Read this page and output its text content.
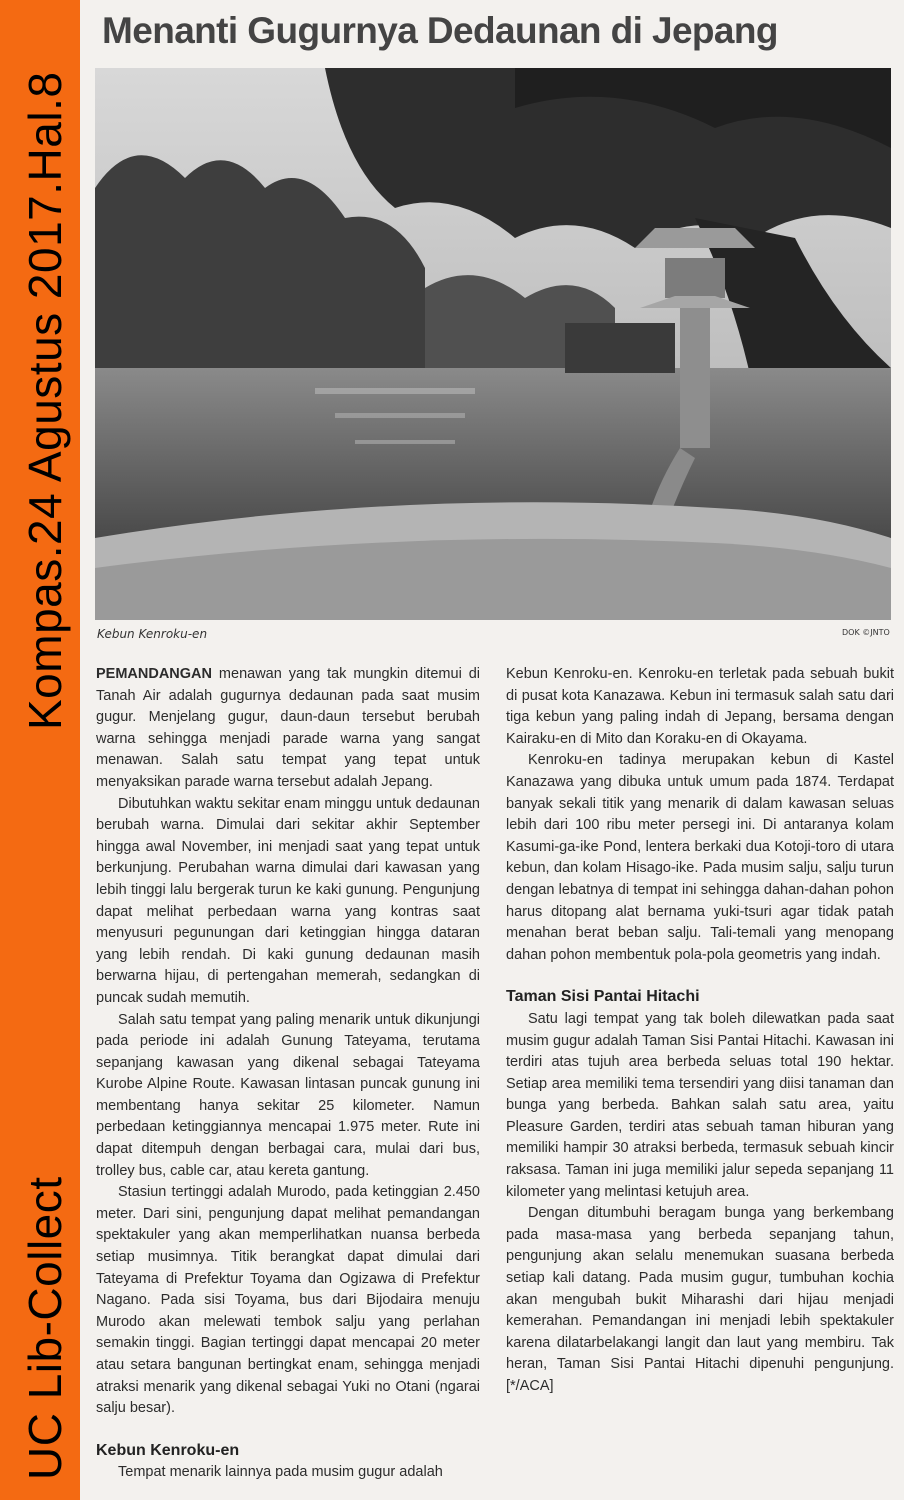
Kompas.24 Agustus 2017.Hal.8
UC Lib-Collect
Menanti Gugurnya Dedaunan di Jepang
Kebun Kenroku-en	DOK ©JNTO

PEMANDANGAN menawan yang tak mungkin ditemui di Tanah Air adalah gugurnya dedaunan pada saat musim gugur. Menjelang gugur, daun-daun tersebut berubah warna sehingga menjadi parade warna yang sangat menawan. Salah satu tempat yang tepat untuk menyaksikan parade warna tersebut adalah Jepang.

Dibutuhkan waktu sekitar enam minggu untuk dedaunan berubah warna. Dimulai dari sekitar akhir September hingga awal November, ini menjadi saat yang tepat untuk berkunjung. Perubahan warna dimulai dari kawasan yang lebih tinggi lalu bergerak turun ke kaki gunung. Pengunjung dapat melihat perbedaan warna yang kontras saat menyusuri pegunungan dari ketinggian hingga dataran yang lebih rendah. Di kaki gunung dedaunan masih berwarna hijau, di pertengahan memerah, sedangkan di puncak sudah memutih.

Salah satu tempat yang paling menarik untuk dikunjungi pada periode ini adalah Gunung Tateyama, terutama sepanjang kawasan yang dikenal sebagai Tateyama Kurobe Alpine Route. Kawasan lintasan puncak gunung ini membentang hanya sekitar 25 kilometer. Namun perbedaan ketinggiannya mencapai 1.975 meter. Rute ini dapat ditempuh dengan berbagai cara, mulai dari bus, trolley bus, cable car, atau kereta gantung.

Stasiun tertinggi adalah Murodo, pada ketinggian 2.450 meter. Dari sini, pengunjung dapat melihat pemandangan spektakuler yang akan memperlihatkan nuansa berbeda setiap musimnya. Titik berangkat dapat dimulai dari Tateyama di Prefektur Toyama dan Ogizawa di Prefektur Nagano. Pada sisi Toyama, bus dari Bijodaira menuju Murodo akan melewati tembok salju yang perlahan semakin tinggi. Bagian tertinggi dapat mencapai 20 meter atau setara bangunan bertingkat enam, sehingga menjadi atraksi menarik yang dikenal sebagai Yuki no Otani (ngarai salju besar).

Kebun Kenroku-en

Tempat menarik lainnya pada musim gugur adalah

Kebun Kenroku-en. Kenroku-en terletak pada sebuah bukit di pusat kota Kanazawa. Kebun ini termasuk salah satu dari tiga kebun yang paling indah di Jepang, bersama dengan Kairaku-en di Mito dan Koraku-en di Okayama.

Kenroku-en tadinya merupakan kebun di Kastel Kanazawa yang dibuka untuk umum pada 1874. Terdapat banyak sekali titik yang menarik di dalam kawasan seluas lebih dari 100 ribu meter persegi ini. Di antaranya kolam Kasumi-ga-ike Pond, lentera berkaki dua Kotoji-toro di utara kebun, dan kolam Hisago-ike. Pada musim salju, salju turun dengan lebatnya di tempat ini sehingga dahan-dahan pohon harus ditopang alat bernama yuki-tsuri agar tidak patah menahan berat beban salju. Tali-temali yang menopang dahan pohon membentuk pola-pola geometris yang indah.

Taman Sisi Pantai Hitachi

Satu lagi tempat yang tak boleh dilewatkan pada saat musim gugur adalah Taman Sisi Pantai Hitachi. Kawasan ini terdiri atas tujuh area berbeda seluas total 190 hektar. Setiap area memiliki tema tersendiri yang diisi tanaman dan bunga yang berbeda. Bahkan salah satu area, yaitu Pleasure Garden, terdiri atas sebuah taman hiburan yang memiliki hampir 30 atraksi berbeda, termasuk sebuah kincir raksasa. Taman ini juga memiliki jalur sepeda sepanjang 11 kilometer yang melintasi ketujuh area.

Dengan ditumbuhi beragam bunga yang berkembang pada masa-masa yang berbeda sepanjang tahun, pengunjung akan selalu menemukan suasana berbeda setiap kali datang. Pada musim gugur, tumbuhan kochia akan mengubah bukit Miharashi dari hijau menjadi kemerahan. Pemandangan ini menjadi lebih spektakuler karena dilatarbelakangi langit dan laut yang membiru. Tak heran, Taman Sisi Pantai Hitachi dipenuhi pengunjung. [*/ACA]
